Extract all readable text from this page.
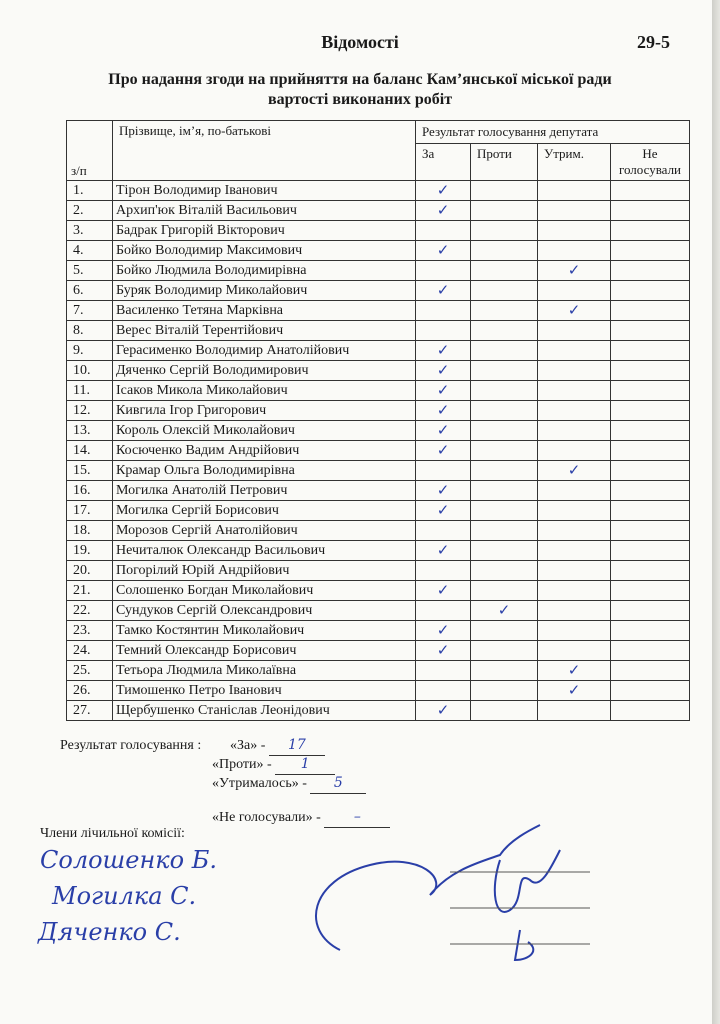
Відомості	29-5
Про надання згоди на прийняття на баланс Кам’янської міської ради
вартості виконаних робіт
з/п	Прізвище, ім’я, по-батькові	Результат голосування депутата			
		За	Проти	Утрим.	Не голосували
1.	Тірон Володимир Іванович	✓			
2.	Архип'юк Віталій Васильович	✓			
3.	Бадрак Григорій Вікторович				
4.	Бойко Володимир Максимович	✓			
5.	Бойко Людмила Володимирівна			✓	
6.	Буряк Володимир Миколайович	✓			
7.	Василенко Тетяна Марківна			✓	
8.	Верес Віталій Терентійович				
9.	Герасименко Володимир Анатолійович	✓			
10.	Дяченко Сергій Володимирович	✓			
11.	Ісаков Микола Миколайович	✓			
12.	Кивгила Ігор Григорович	✓			
13.	Король Олексій Миколайович	✓			
14.	Косюченко Вадим Андрійович	✓			
15.	Крамар Ольга Володимирівна			✓	
16.	Могилка Анатолій Петрович	✓			
17.	Могилка Сергій Борисович	✓			
18.	Морозов Сергій Анатолійович				
19.	Нечиталюк Олександр Васильович	✓			
20.	Погорілий Юрій Андрійович				
21.	Солошенко Богдан Миколайович	✓			
22.	Сундуков Сергій Олександрович		✓		
23.	Тамко Костянтин Миколайович	✓			
24.	Темний Олександр Борисович	✓			
25.	Тетьора Людмила Миколаївна			✓	
26.	Тимошенко Петро Іванович			✓	
27.	Щербушенко Станіслав Леонідович	✓			
Результат голосування : «За» - 17
«Проти» - 1
«Утрималось» - 5
«Не голосували» - –
Члени лічильної комісії:
Солошенко Б.
Могилка С.
Дяченко С.
